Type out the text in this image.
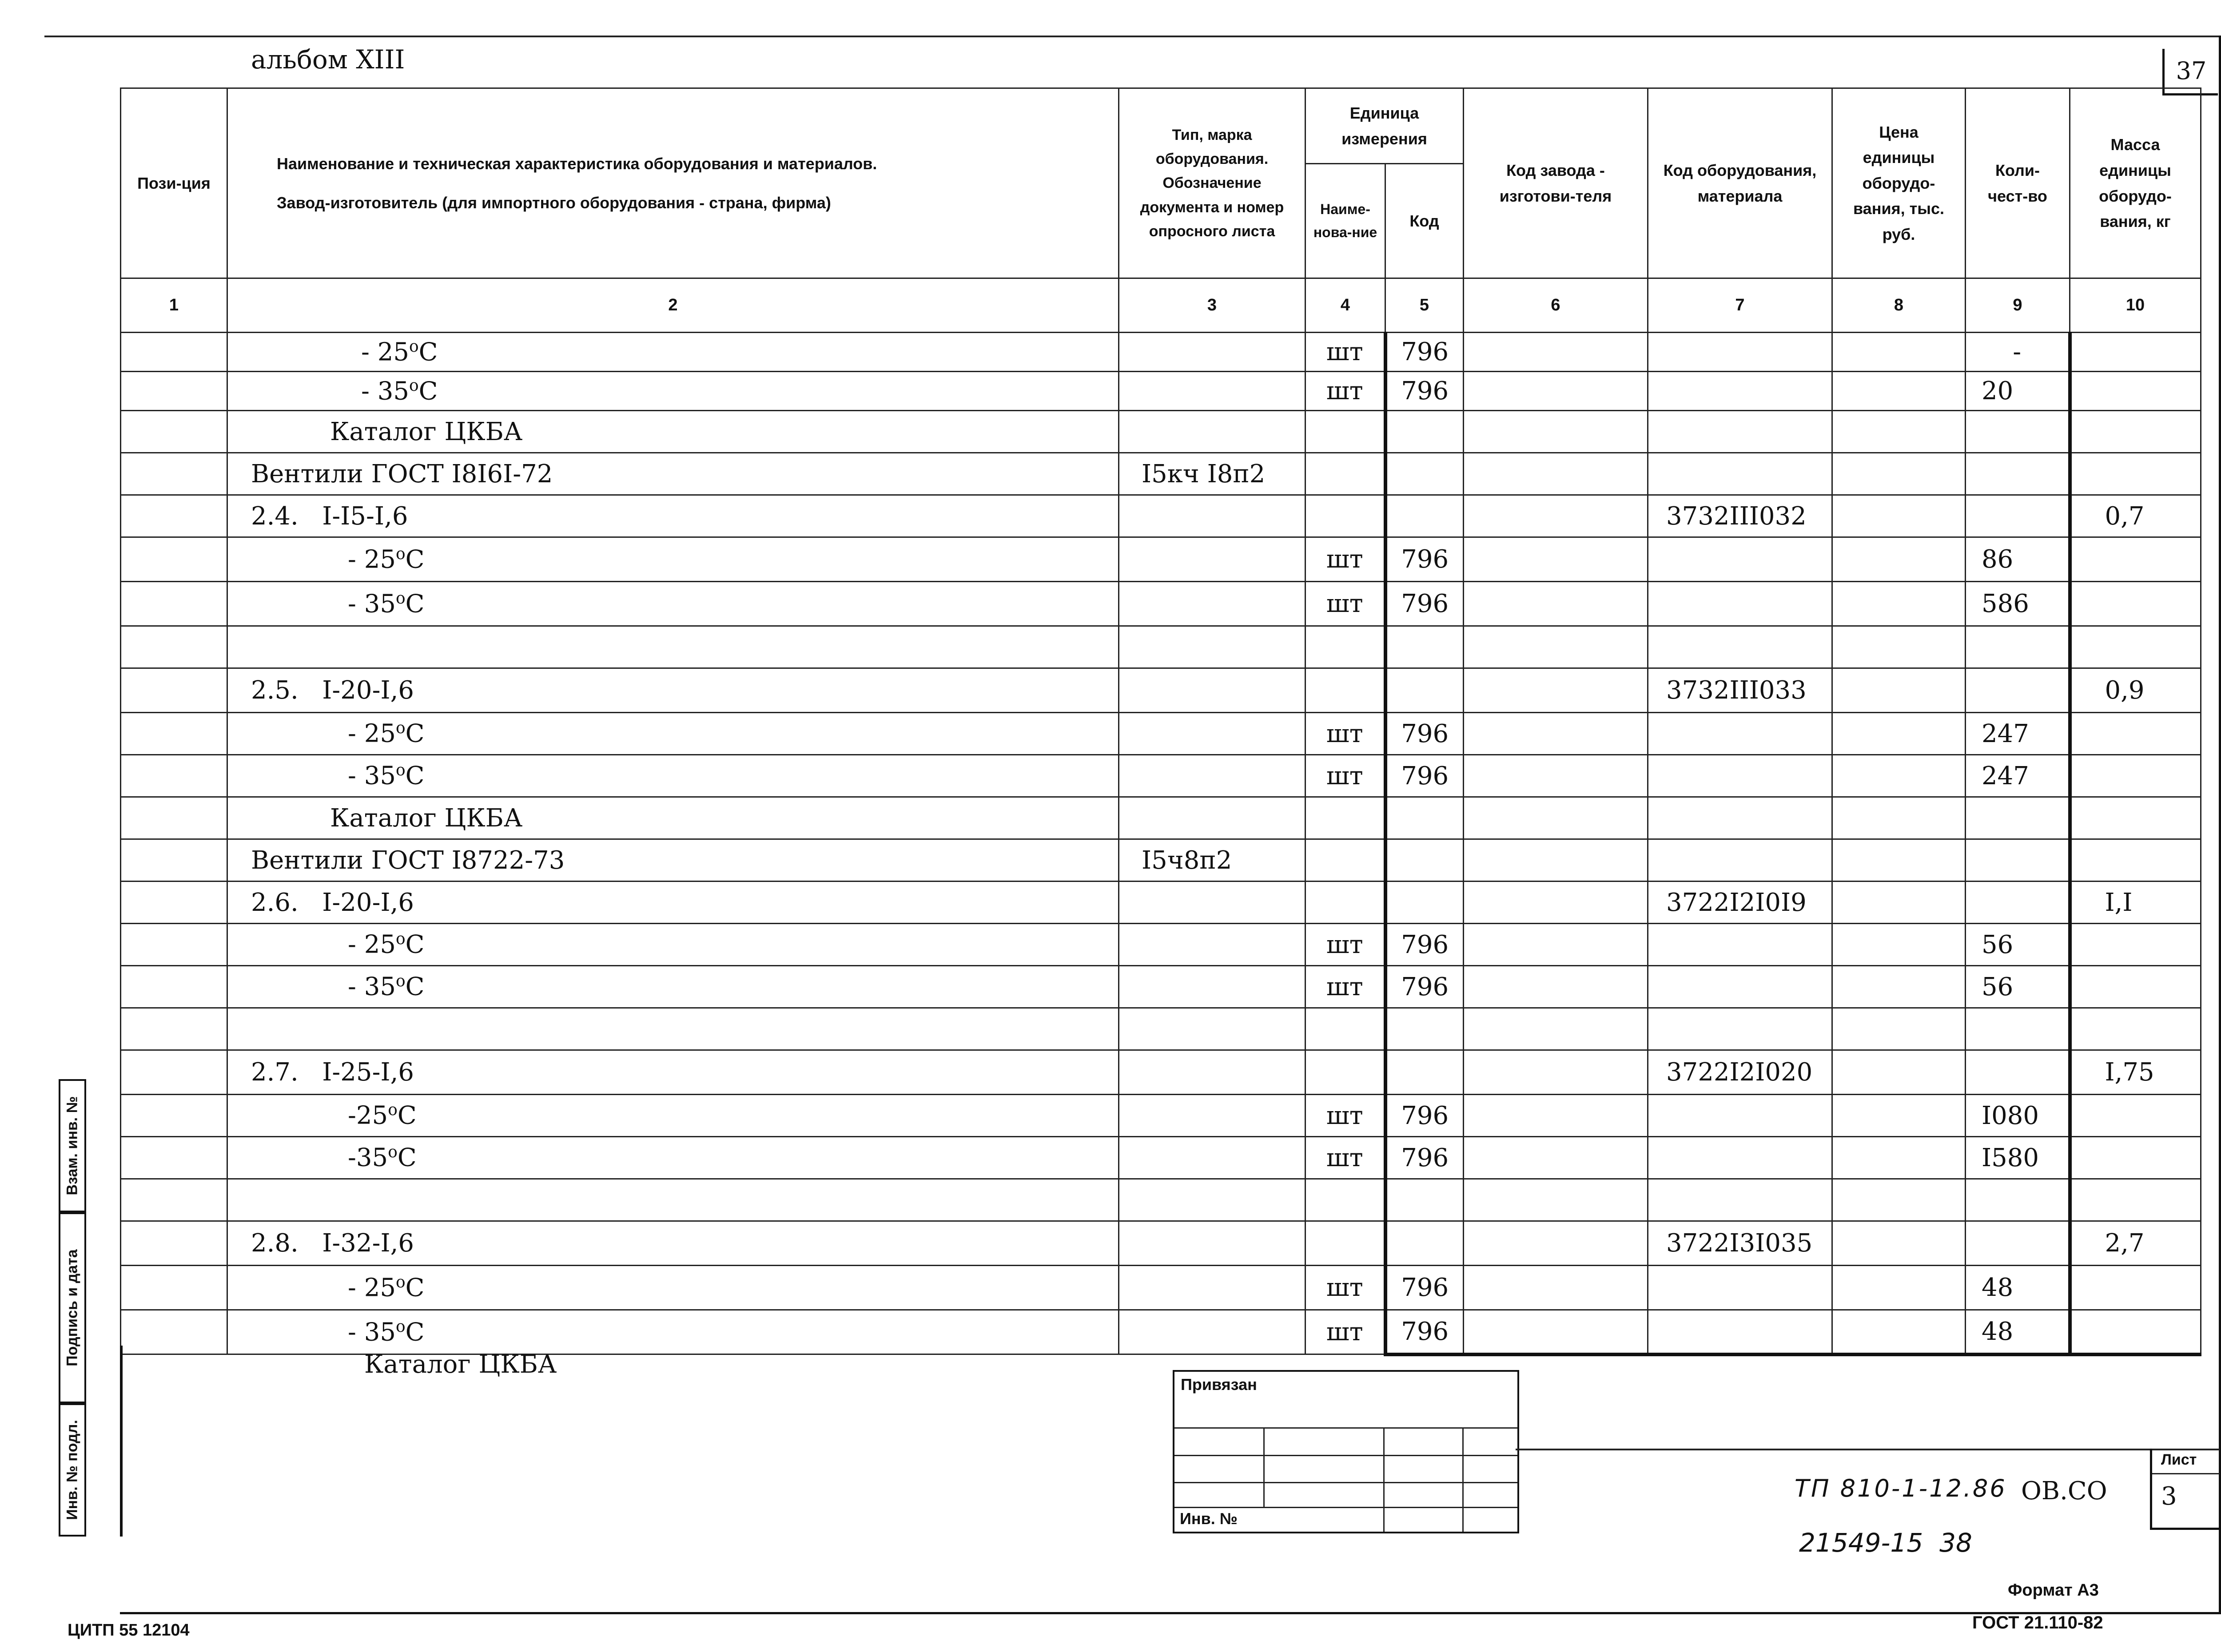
альбом XIII	37
Пози-ция	Наименование и техническая характеристика оборудования и материалов.
Завод-изготовитель (для импортного оборудования - страна, фирма)	Тип, марка оборудования. Обозначение документа и номер опросного листа	Единица измерения		Код завода - изготови-теля	Код оборудования, материала	Цена единицы оборудо-вания, тыс. руб.	Коли-чест-во	Масса единицы оборудо-вания, кг
			Наиме-нова-ние	Код					
1	2	3	4	5	6	7	8	9	10
	- 25$^o$C		шт	796				-	
	- 35$^o$C		шт	796				20	
	Каталог ЦКБА								
	Вентили ГОСТ I8I6I-72	I5кч I8п2							
	2.4.   I-I5-I,6					3732III032			0,7
	- 25$^o$C		шт	796				86	
	- 35$^o$C		шт	796				586	

	2.5.   I-20-I,6					3732III033			0,9
	- 25$^o$C		шт	796				247	
	- 35$^o$C		шт	796				247	
	Каталог ЦКБА								
	Вентили ГОСТ I8722-73	I5ч8п2							
	2.6.   I-20-I,6					3722I2I0I9			I,I
	- 25$^o$C		шт	796				56	
	- 35$^o$C		шт	796				56	

	2.7.   I-25-I,6					3722I2I020			I,75
	-25$^o$C		шт	796				I080	
	-35$^o$C		шт	796				I580	

	2.8.   I-32-I,6					3722I3I035			2,7
	- 25$^o$C		шт	796				48	
	- 35$^o$C		шт	796				48	
Каталог ЦКБА
Взам. инв. №
Подпись и дата
Инв. № подл.
Привязан
Инв. №
Лист
3
ТП 810-1-12.86 ОВ.СО
21549-15  38
Формат А3
ГОСТ 21.110-82
ЦИТП 55 12104
